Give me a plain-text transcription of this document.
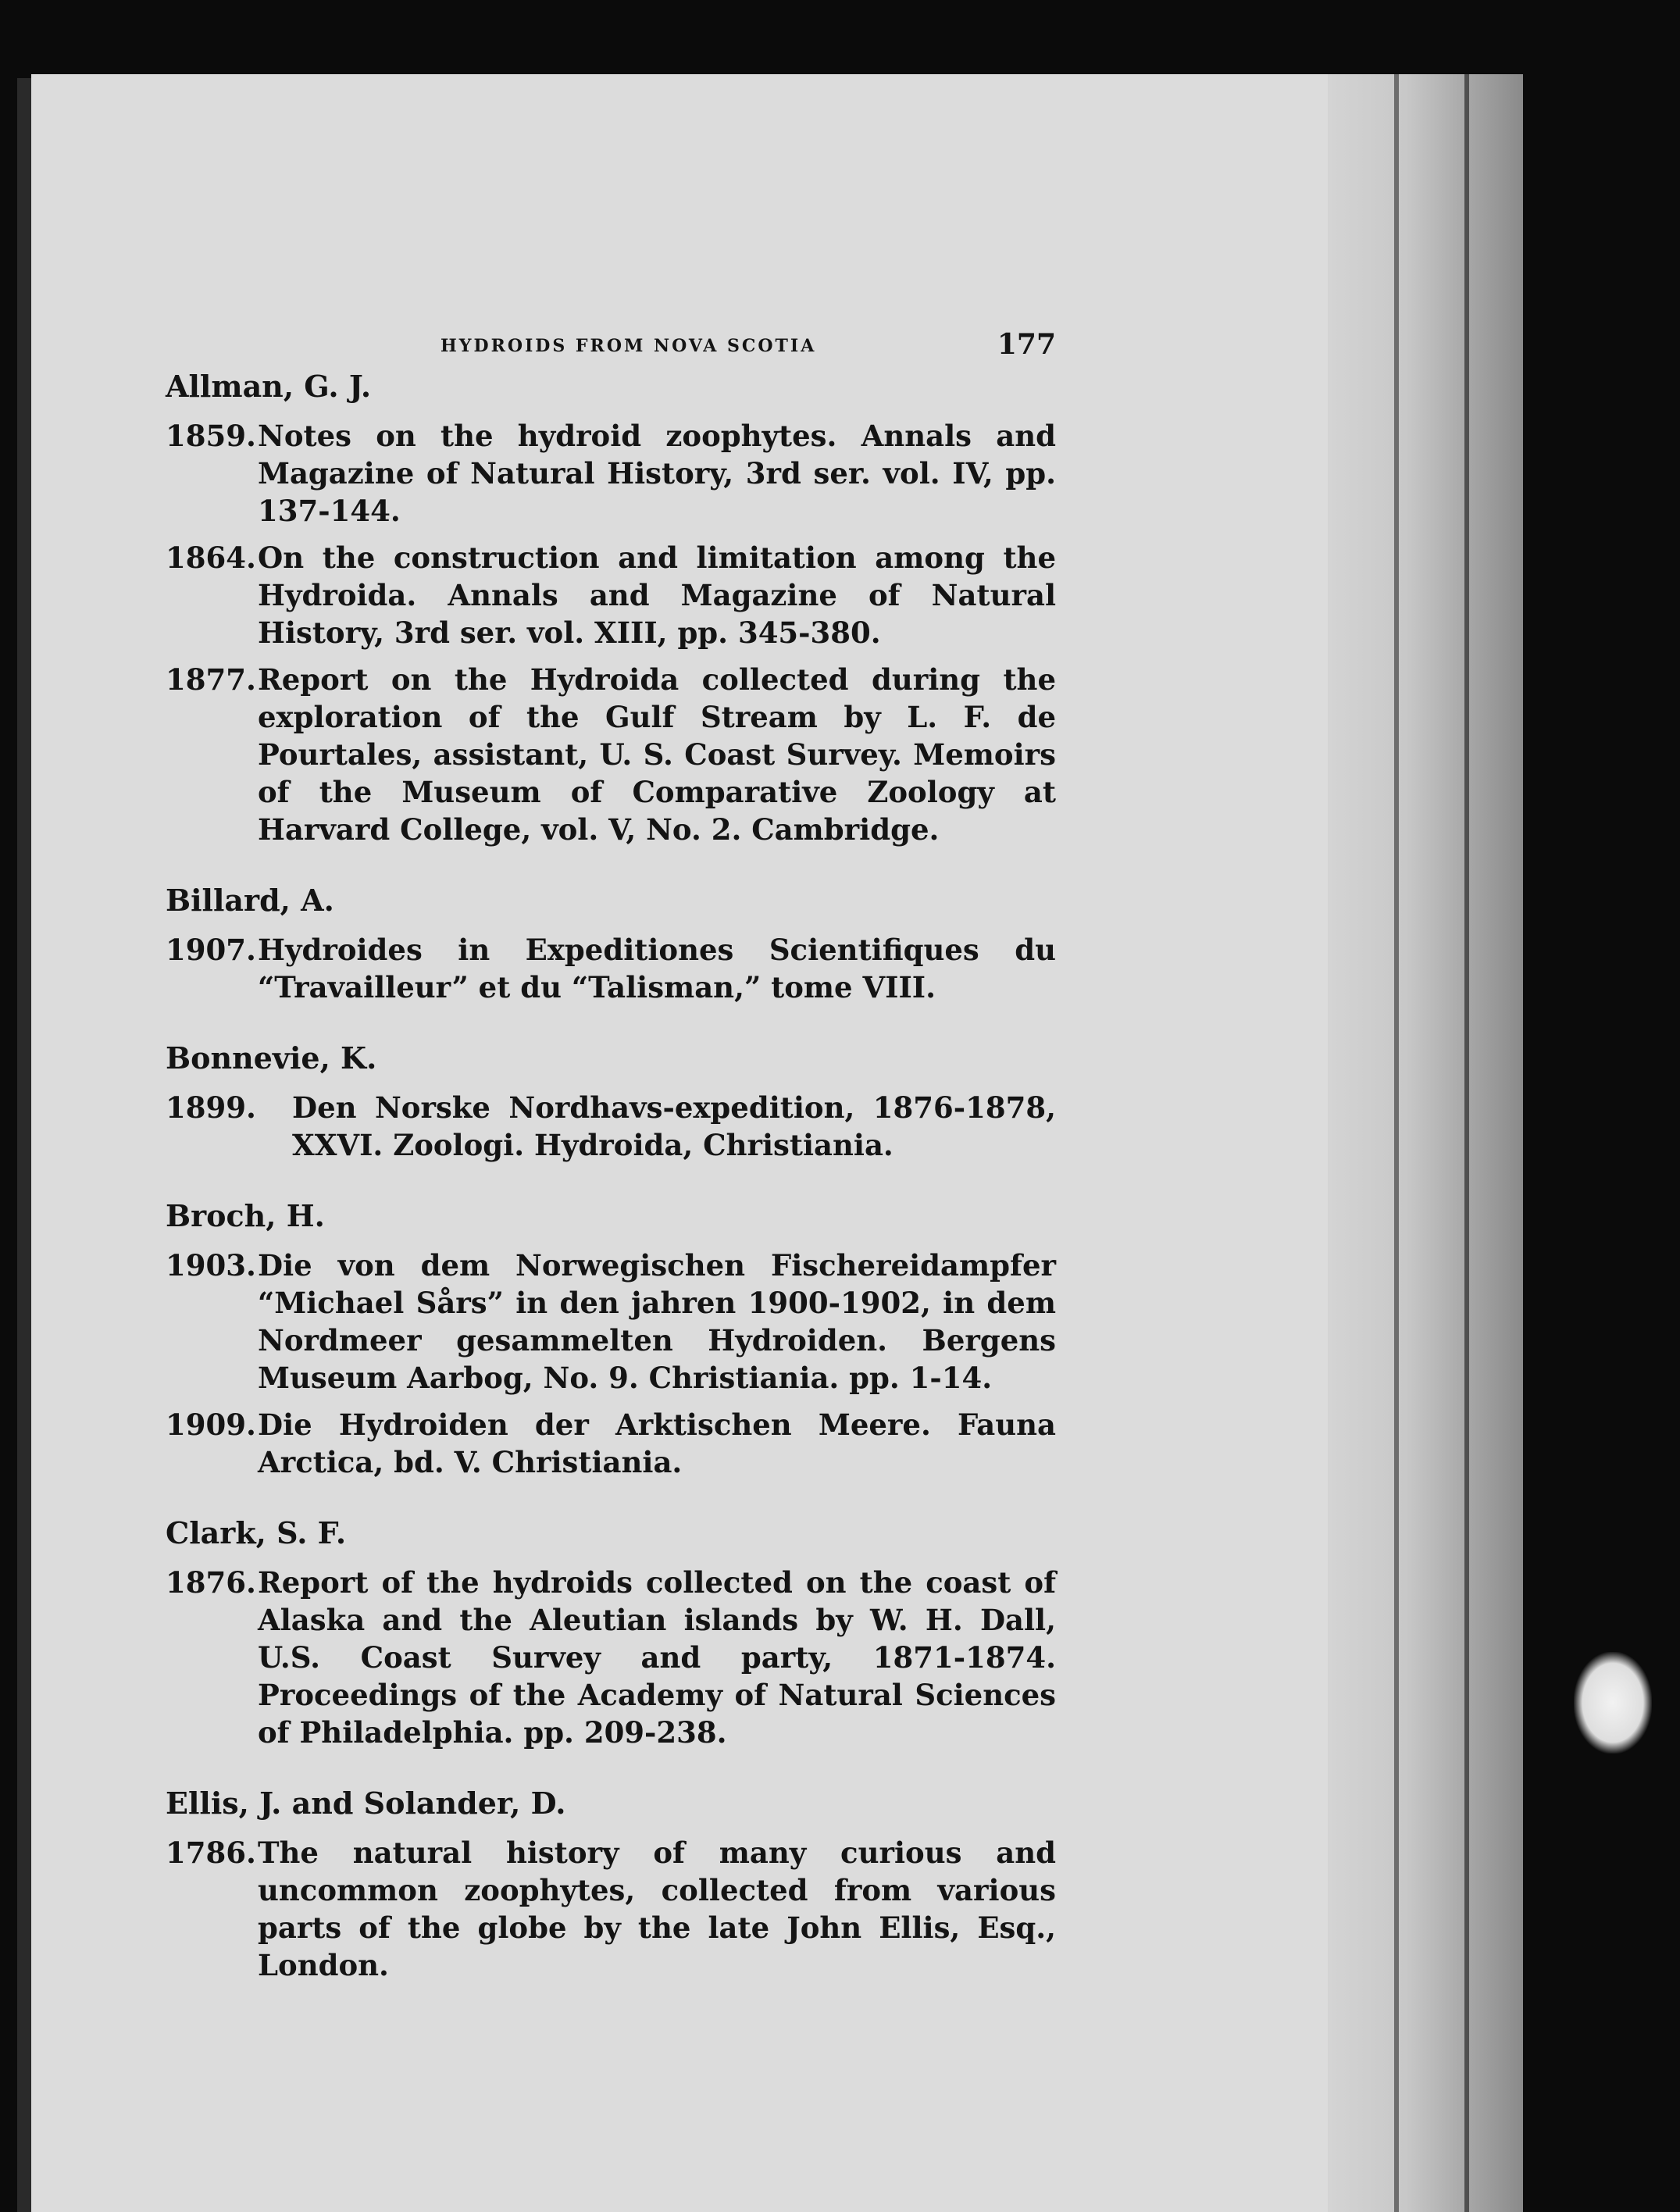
HYDROIDS FROM NOVA SCOTIA	177
Allman, G. J.
1859. Notes on the hydroid zoophytes. Annals and Magazine of Natural History, 3rd ser. vol. IV, pp. 137-144.
1864. On the construction and limitation among the Hydroida. Annals and Magazine of Natural History, 3rd ser. vol. XIII, pp. 345-380.
1877. Report on the Hydroida collected during the exploration of the Gulf Stream by L. F. de Pourtales, assistant, U. S. Coast Survey. Memoirs of the Museum of Comparative Zoology at Harvard College, vol. V, No. 2. Cambridge.
Billard, A.
1907. Hydroides in Expeditiones Scientifiques du “Travailleur” et du “Talisman,” tome VIII.
Bonnevie, K.
1899. Den Norske Nordhavs-expedition, 1876-1878, XXVI. Zoologi. Hydroida, Christiania.
Broch, H.
1903. Die von dem Norwegischen Fischereidampfer “Michael Sårs” in den jahren 1900-1902, in dem Nordmeer gesammelten Hydroiden. Bergens Museum Aarbog, No. 9. Christiania. pp. 1-14.
1909. Die Hydroiden der Arktischen Meere. Fauna Arctica, bd. V. Christiania.
Clark, S. F.
1876. Report of the hydroids collected on the coast of Alaska and the Aleutian islands by W. H. Dall, U.S. Coast Survey and party, 1871-1874. Proceedings of the Academy of Natural Sciences of Philadelphia. pp. 209-238.
Ellis, J. and Solander, D.
1786. The natural history of many curious and uncommon zoophytes, collected from various parts of the globe by the late John Ellis, Esq., London.
